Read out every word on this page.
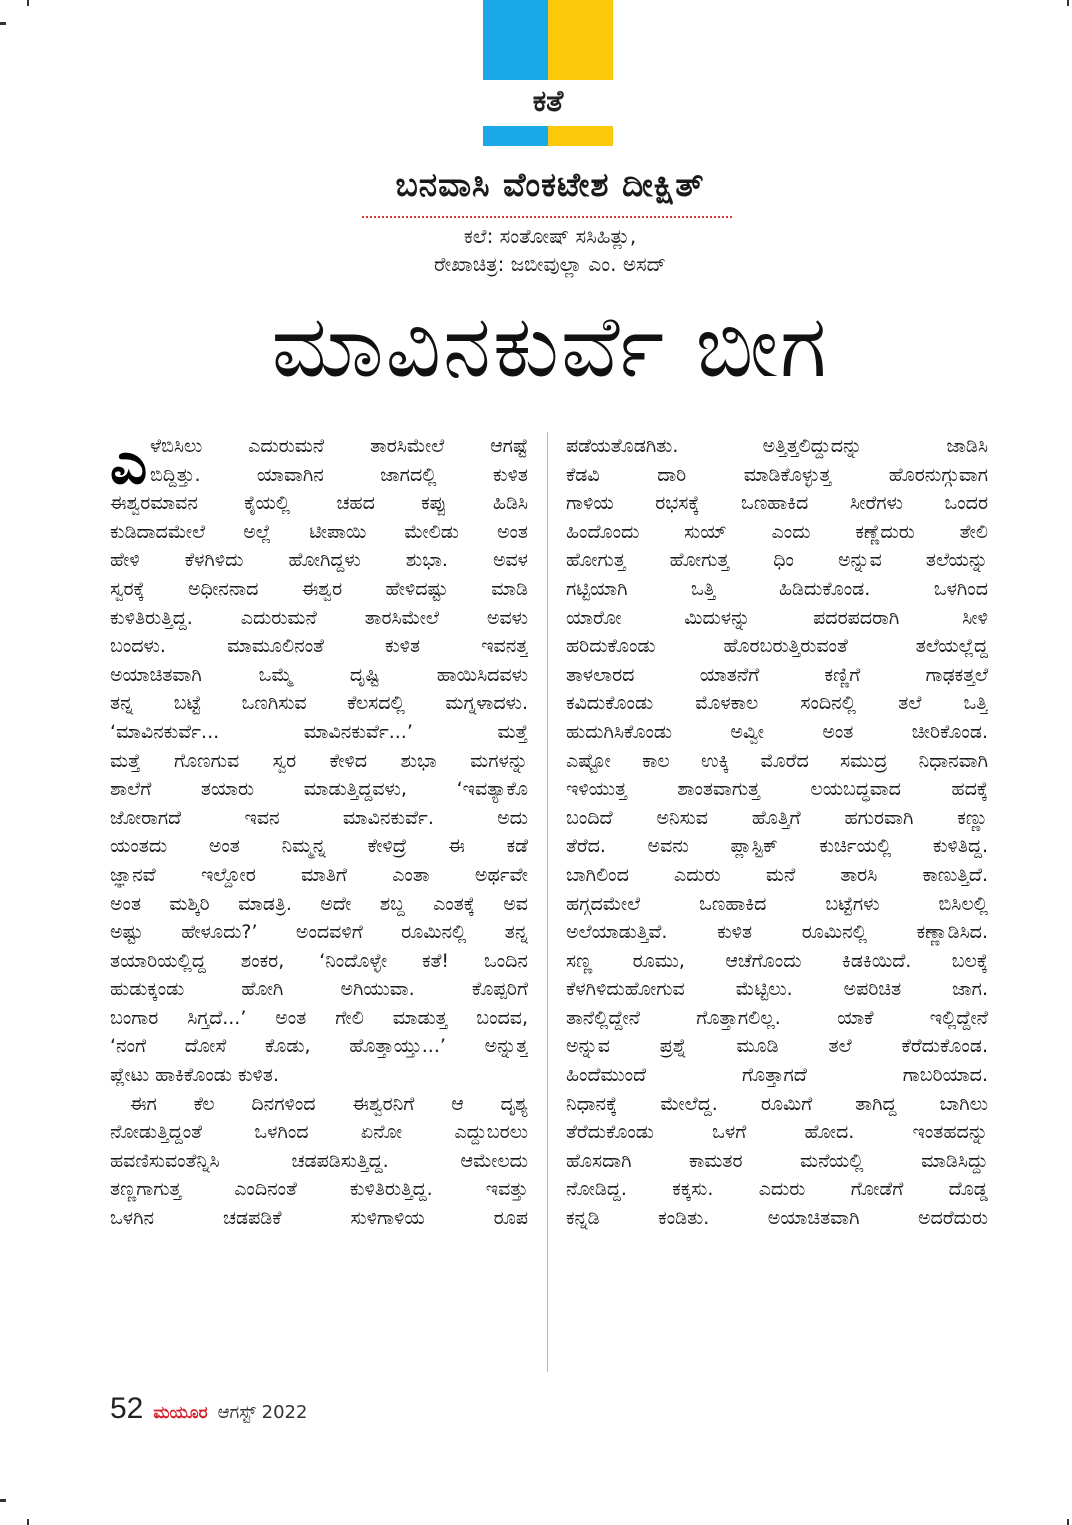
ಕತೆ
ಬನವಾಸಿ ವೆಂಕಟೇಶ ದೀಕ್ಷಿತ್
ಕಲೆ: ಸಂತೋಷ್ ಸಸಿಹಿತ್ಲು,
ರೇಖಾಚಿತ್ರ: ಜಬೀವುಲ್ಲಾ ಎಂ. ಅಸದ್
ಮಾವಿನಕುರ್ವೆ ಬೀಗ
ಎ ಳೆಬಿಸಿಲು ಎದುರುಮನೆ ತಾರಸಿಮೇಲೆ ಆಗಷ್ಟೆ
ಬಿದ್ದಿತ್ತು. ಯಾವಾಗಿನ ಜಾಗದಲ್ಲಿ ಕುಳಿತ
ಈಶ್ವರಮಾವನ ಕೈಯಲ್ಲಿ ಚಹದ ಕಪ್ಪು ಹಿಡಿಸಿ
ಕುಡಿದಾದಮೇಲೆ ಅಲ್ಲೆ ಟೀಪಾಯಿ ಮೇಲಿಡು ಅಂತ
ಹೇಳಿ ಕೆಳಗಿಳಿದು ಹೋಗಿದ್ದಳು ಶುಭಾ. ಅವಳ
ಸ್ವರಕ್ಕೆ ಅಧೀನನಾದ ಈಶ್ವರ ಹೇಳಿದಷ್ಟು ಮಾಡಿ
ಕುಳಿತಿರುತ್ತಿದ್ದ. ಎದುರುಮನೆ ತಾರಸಿಮೇಲೆ ಅವಳು
ಬಂದಳು. ಮಾಮೂಲಿನಂತೆ ಕುಳಿತ ಇವನತ್ತ
ಅಯಾಚಿತವಾಗಿ ಒಮ್ಮೆ ದೃಷ್ಟಿ ಹಾಯಿಸಿದವಳು
ತನ್ನ ಬಟ್ಟೆ ಒಣಗಿಸುವ ಕೆಲಸದಲ್ಲಿ ಮಗ್ನಳಾದಳು.
‘ಮಾವಿನಕುರ್ವೆ... ಮಾವಿನಕುರ್ವೆ...’ ಮತ್ತೆ
ಮತ್ತೆ ಗೊಣಗುವ ಸ್ವರ ಕೇಳಿದ ಶುಭಾ ಮಗಳನ್ನು
ಶಾಲೆಗೆ ತಯಾರು ಮಾಡುತ್ತಿದ್ದವಳು, ‘ಇವತ್ಯಾಕೊ
ಜೋರಾಗದೆ ಇವನ ಮಾವಿನಕುರ್ವೆ. ಅದು
ಯಂತದು ಅಂತ ನಿಮ್ಮನ್ನ ಕೇಳಿದ್ರೆ ಈ ಕಡೆ
ಜ್ಞಾನವೆ ಇಲ್ದೋರ ಮಾತಿಗೆ ಎಂತಾ ಅರ್ಥವೇ
ಅಂತ ಮಶ್ಕಿರಿ ಮಾಡತ್ರಿ. ಅದೇ ಶಬ್ದ ಎಂತಕ್ಕೆ ಅವ
ಅಷ್ಟು ಹೇಳೂದು?’ ಅಂದವಳಿಗೆ ರೂಮಿನಲ್ಲಿ ತನ್ನ
ತಯಾರಿಯಲ್ಲಿದ್ದ ಶಂಕರ, ‘ನಿಂದೊಳ್ಳೇ ಕತೆ! ಒಂದಿನ
ಹುಡುಕ್ಕಂಡು ಹೋಗಿ ಅಗಿಯುವಾ. ಕೊಪ್ಪರಿಗೆ
ಬಂಗಾರ ಸಿಗ್ತದೆ...’ ಅಂತ ಗೇಲಿ ಮಾಡುತ್ತ ಬಂದವ,
‘ನಂಗೆ ದೋಸೆ ಕೊಡು, ಹೊತ್ತಾಯ್ತು...’ ಅನ್ನುತ್ತ
ಪ್ಲೇಟು ಹಾಕಿಕೊಂಡು ಕುಳಿತ.
ಈಗ ಕೆಲ ದಿನಗಳಿಂದ ಈಶ್ವರನಿಗೆ ಆ ದೃಶ್ಯ
ನೋಡುತ್ತಿದ್ದಂತೆ ಒಳಗಿಂದ ಏನೋ ಎದ್ದುಬರಲು
ಹವಣಿಸುವಂತೆನ್ನಿಸಿ ಚಡಪಡಿಸುತ್ತಿದ್ದ. ಆಮೇಲದು
ತಣ್ಣಗಾಗುತ್ತ ಎಂದಿನಂತೆ ಕುಳಿತಿರುತ್ತಿದ್ದ. ಇವತ್ತು
ಒಳಗಿನ ಚಡಪಡಿಕೆ ಸುಳಿಗಾಳಿಯ ರೂಪ
ಪಡೆಯತೊಡಗಿತು. ಅತ್ತಿತ್ತಲಿದ್ದುದನ್ನು ಜಾಡಿಸಿ
ಕೆಡವಿ ದಾರಿ ಮಾಡಿಕೊಳ್ಳುತ್ತ ಹೊರನುಗ್ಗುವಾಗ
ಗಾಳಿಯ ರಭಸಕ್ಕೆ ಒಣಹಾಕಿದ ಸೀರೆಗಳು ಒಂದರ
ಹಿಂದೊಂದು ಸುಯ್ ಎಂದು ಕಣ್ಣೆದುರು ತೇಲಿ
ಹೋಗುತ್ತ ಹೋಗುತ್ತ ಧಿಂ ಅನ್ನುವ ತಲೆಯನ್ನು
ಗಟ್ಟಿಯಾಗಿ ಒತ್ತಿ ಹಿಡಿದುಕೊಂಡ. ಒಳಗಿಂದ
ಯಾರೋ ಮಿದುಳನ್ನು ಪದರಪದರಾಗಿ ಸೀಳಿ
ಹರಿದುಕೊಂಡು ಹೊರಬರುತ್ತಿರುವಂತೆ ತಲೆಯಲ್ಲೆದ್ದ
ತಾಳಲಾರದ ಯಾತನೆಗೆ ಕಣ್ಣಿಗೆ ಗಾಢಕತ್ತಲೆ
ಕವಿದುಕೊಂಡು ಮೊಳಕಾಲ ಸಂದಿನಲ್ಲಿ ತಲೆ ಒತ್ತಿ
ಹುದುಗಿಸಿಕೊಂಡು ಅವ್ವೀ ಅಂತ ಚೀರಿಕೊಂಡ.
ಎಷ್ಟೋ ಕಾಲ ಉಕ್ಕಿ ಮೊರೆದ ಸಮುದ್ರ ನಿಧಾನವಾಗಿ
ಇಳಿಯುತ್ತ ಶಾಂತವಾಗುತ್ತ ಲಯಬದ್ಧವಾದ ಹದಕ್ಕೆ
ಬಂದಿದೆ ಅನಿಸುವ ಹೊತ್ತಿಗೆ ಹಗುರವಾಗಿ ಕಣ್ಣು
ತೆರೆದ. ಅವನು ಪ್ಲಾಸ್ಟಿಕ್ ಕುರ್ಚಿಯಲ್ಲಿ ಕುಳಿತಿದ್ದ.
ಬಾಗಿಲಿಂದ ಎದುರು ಮನೆ ತಾರಸಿ ಕಾಣುತ್ತಿದೆ.
ಹಗ್ಗದಮೇಲೆ ಒಣಹಾಕಿದ ಬಟ್ಟೆಗಳು ಬಿಸಿಲಲ್ಲಿ
ಅಲೆಯಾಡುತ್ತಿವೆ. ಕುಳಿತ ರೂಮಿನಲ್ಲಿ ಕಣ್ಣಾಡಿಸಿದ.
ಸಣ್ಣ ರೂಮು, ಆಚೆಗೊಂದು ಕಿಡಕಿಯಿದೆ. ಬಲಕ್ಕೆ
ಕೆಳಗಿಳಿದುಹೋಗುವ ಮೆಟ್ಟಿಲು. ಅಪರಿಚಿತ ಜಾಗ.
ತಾನೆಲ್ಲಿದ್ದೇನೆ ಗೊತ್ತಾಗಲಿಲ್ಲ. ಯಾಕೆ ಇಲ್ಲಿದ್ದೇನೆ
ಅನ್ನುವ ಪ್ರಶ್ನೆ ಮೂಡಿ ತಲೆ ಕೆರೆದುಕೊಂಡ.
ಹಿಂದೆಮುಂದೆ ಗೊತ್ತಾಗದೆ ಗಾಬರಿಯಾದ.
ನಿಧಾನಕ್ಕೆ ಮೇಲೆದ್ದ. ರೂಮಿಗೆ ತಾಗಿದ್ದ ಬಾಗಿಲು
ತೆರೆದುಕೊಂಡು ಒಳಗೆ ಹೋದ. ಇಂತಹದನ್ನು
ಹೊಸದಾಗಿ ಕಾಮತರ ಮನೆಯಲ್ಲಿ ಮಾಡಿಸಿದ್ದು
ನೋಡಿದ್ದ. ಕಕ್ಕಸು. ಎದುರು ಗೋಡೆಗೆ ದೊಡ್ಡ
ಕನ್ನಡಿ ಕಂಡಿತು. ಅಯಾಚಿತವಾಗಿ ಅದರೆದುರು
52 ಮಯೂರ ಆಗಸ್ಟ್ 2022
